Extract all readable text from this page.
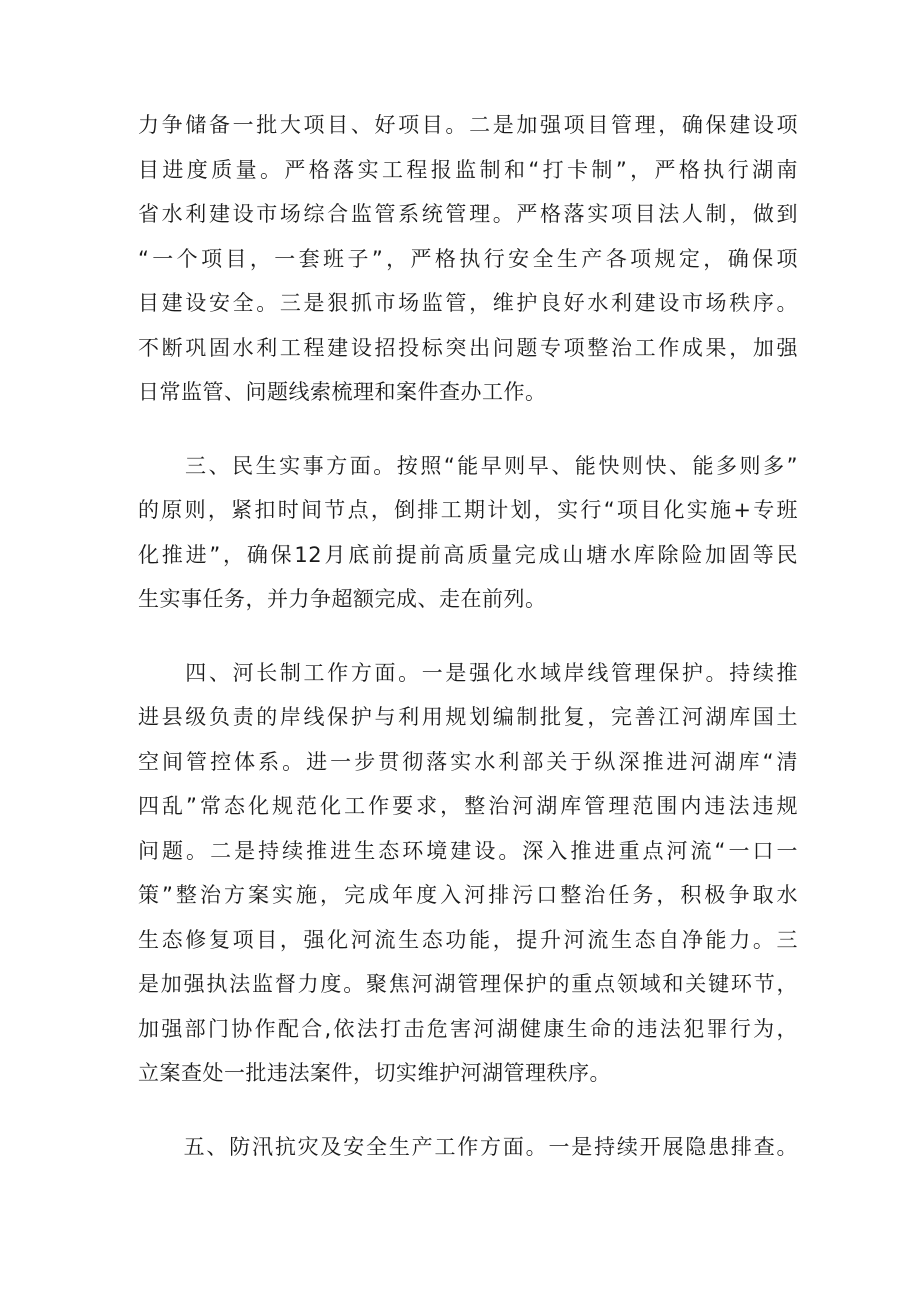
力争储备一批大项目、好项目。二是加强项目管理，确保建设项
目进度质量。严格落实工程报监制和“打卡制”，严格执行湖南
省水利建设市场综合监管系统管理。严格落实项目法人制，做到
“一个项目，一套班子”，严格执行安全生产各项规定，确保项
目建设安全。三是狠抓市场监管，维护良好水利建设市场秩序。
不断巩固水利工程建设招投标突出问题专项整治工作成果，加强
日常监管、问题线索梳理和案件查办工作。
　　三、民生实事方面。按照“能早则早、能快则快、能多则多”
的原则，紧扣时间节点，倒排工期计划，实行“项目化实施+专班
化推进”，确保12月底前提前高质量完成山塘水库除险加固等民
生实事任务，并力争超额完成、走在前列。
　　四、河长制工作方面。一是强化水域岸线管理保护。持续推
进县级负责的岸线保护与利用规划编制批复，完善江河湖库国土
空间管控体系。进一步贯彻落实水利部关于纵深推进河湖库“清
四乱”常态化规范化工作要求，整治河湖库管理范围内违法违规
问题。二是持续推进生态环境建设。深入推进重点河流“一口一
策”整治方案实施，完成年度入河排污口整治任务，积极争取水
生态修复项目，强化河流生态功能，提升河流生态自净能力。三
是加强执法监督力度。聚焦河湖管理保护的重点领域和关键环节，
加强部门协作配合,依法打击危害河湖健康生命的违法犯罪行为，
立案查处一批违法案件，切实维护河湖管理秩序。
　　五、防汛抗灾及安全生产工作方面。一是持续开展隐患排查。
